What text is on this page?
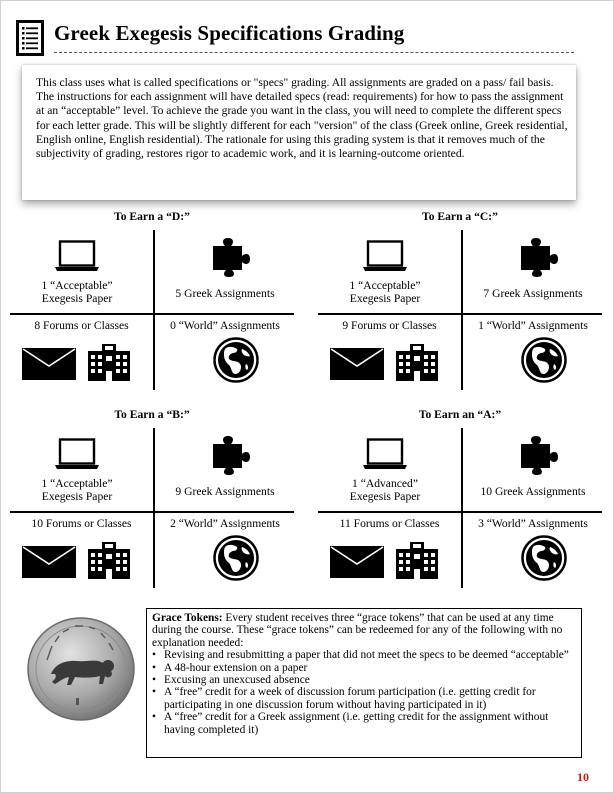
Greek Exegesis Specifications Grading
This class uses what is called specifications or "specs" grading. All assignments are graded on a pass/ fail basis. The instructions for each assignment will have detailed specs (read: requirements) for how to pass the assignment at an “acceptable” level. To achieve the grade you want in the class, you will need to complete the different specs for each letter grade. This will be slightly different for each "version" of the class (Greek online, Greek residential, English online, English residential). The rationale for using this grading system is that it removes much of the subjectivity of grading, restores rigor to academic work, and it is learning-outcome oriented.
To Earn a “D:”
1 “Acceptable”
Exegesis Paper	5 Greek Assignments
8 Forums or Classes	0 “World” Assignments
To Earn a “C:”
1 “Acceptable”
Exegesis Paper	7 Greek Assignments
9 Forums or Classes	1 “World” Assignments
To Earn a “B:”
1 “Acceptable”
Exegesis Paper	9 Greek Assignments
10 Forums or Classes	2 “World” Assignments
To Earn an “A:”
1 “Advanced”
Exegesis Paper	10 Greek Assignments
11 Forums or Classes	3 “World” Assignments
Grace Tokens: Every student receives three “grace tokens” that can be used at any time during the course. These “grace tokens” can be redeemed for any of the following with no explanation needed:
• Revising and resubmitting a paper that did not meet the specs to be deemed “acceptable”
• A 48-hour extension on a paper
• Excusing an unexcused absence
• A “free” credit for a week of discussion forum participation (i.e. getting credit for participating in one discussion forum without having participated in it)
• A “free” credit for a Greek assignment (i.e. getting credit for the assignment without having completed it)
10
